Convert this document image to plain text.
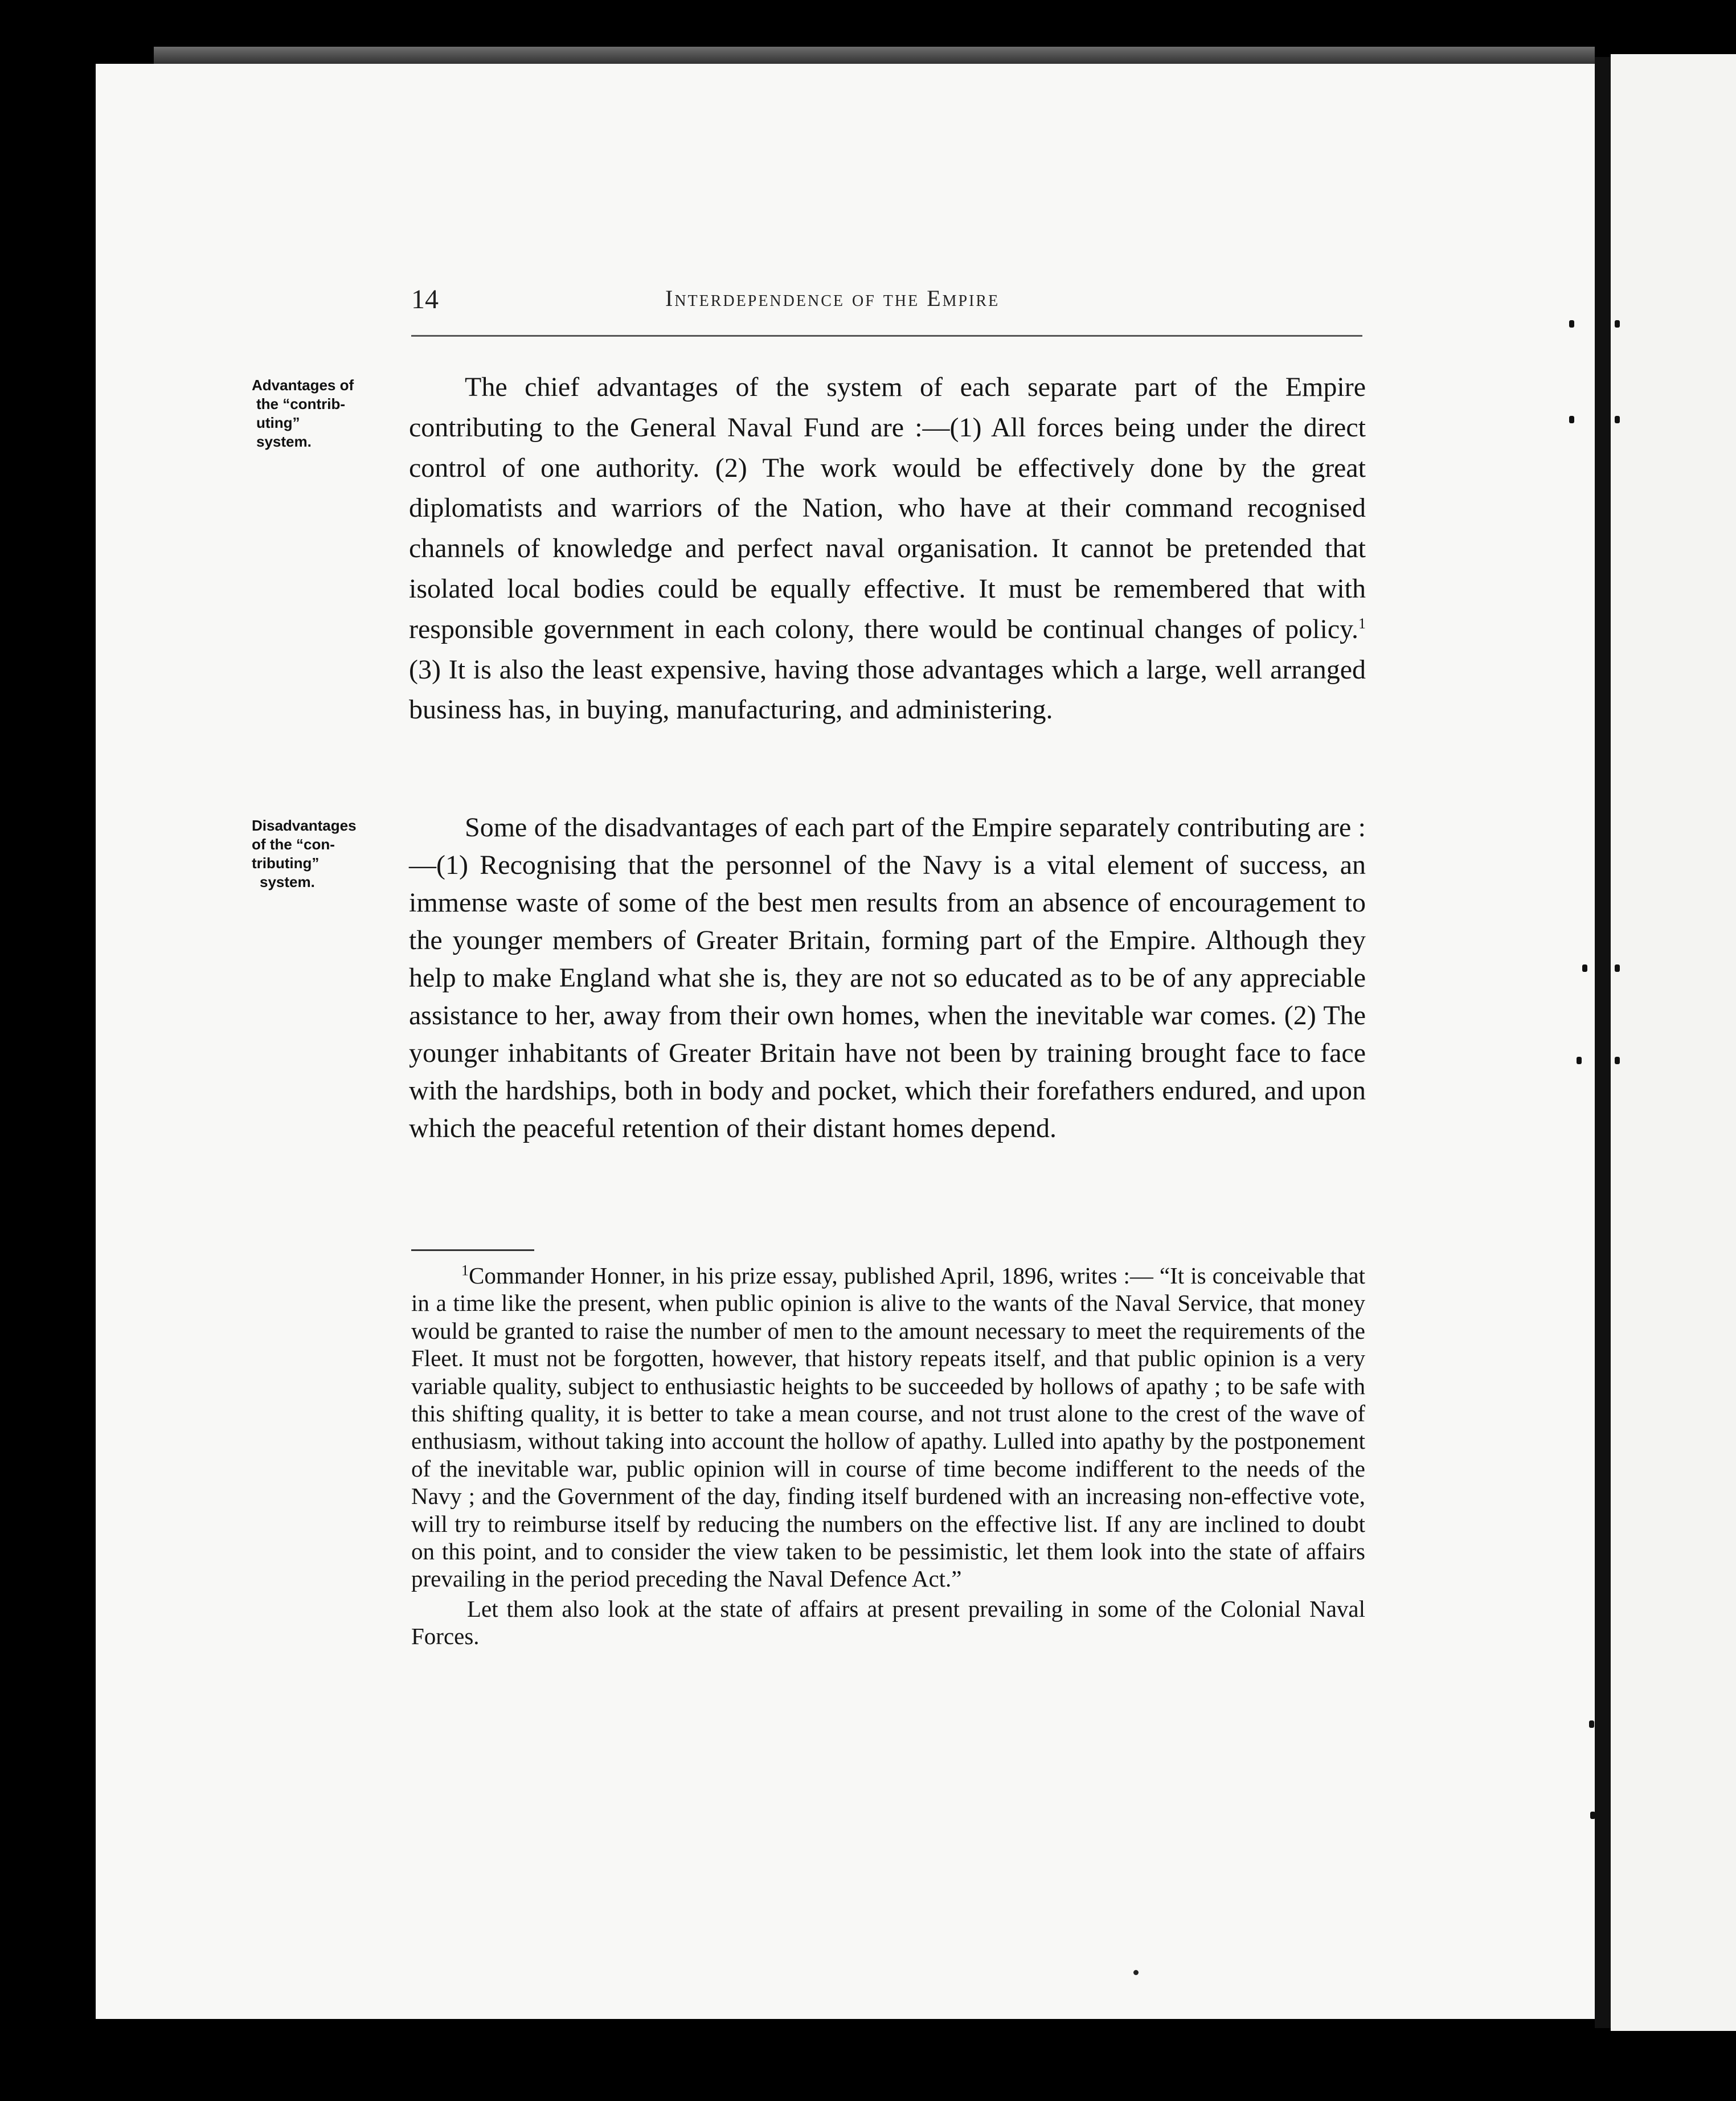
14	Interdependence of the Empire
Advantages of
the “contrib-
uting”
system.
The chief advantages of the system of each separate part of the Empire contributing to the General Naval Fund are :—(1) All forces being under the direct control of one authority. (2) The work would be effectively done by the great diplomatists and warriors of the Nation, who have at their command recognised channels of knowledge and perfect naval organisation. It cannot be pretended that isolated local bodies could be equally effective. It must be remembered that with responsible government in each colony, there would be continual changes of policy.$^1$ (3) It is also the least expensive, having those advantages which a large, well arranged business has, in buying, manufacturing, and administering.
Disadvantages
of the “con-
tributing”
system.
Some of the disadvantages of each part of the Empire separately contributing are :—(1) Recognising that the personnel of the Navy is a vital element of success, an immense waste of some of the best men results from an absence of encouragement to the younger members of Greater Britain, forming part of the Empire. Although they help to make England what she is, they are not so educated as to be of any appreciable assistance to her, away from their own homes, when the inevitable war comes. (2) The younger inhabitants of Greater Britain have not been by training brought face to face with the hardships, both in body and pocket, which their forefathers endured, and upon which the peaceful retention of their distant homes depend.
$^1$Commander Honner, in his prize essay, published April, 1896, writes :— “It is conceivable that in a time like the present, when public opinion is alive to the wants of the Naval Service, that money would be granted to raise the number of men to the amount necessary to meet the requirements of the Fleet. It must not be forgotten, however, that history repeats itself, and that public opinion is a very variable quality, subject to enthusiastic heights to be succeeded by hollows of apathy ; to be safe with this shifting quality, it is better to take a mean course, and not trust alone to the crest of the wave of enthusiasm, without taking into account the hollow of apathy. Lulled into apathy by the postponement of the inevitable war, public opinion will in course of time become indifferent to the needs of the Navy ; and the Government of the day, finding itself burdened with an increasing non-effective vote, will try to reimburse itself by reducing the numbers on the effective list. If any are inclined to doubt on this point, and to consider the view taken to be pessimistic, let them look into the state of affairs prevailing in the period preceding the Naval Defence Act.”
Let them also look at the state of affairs at present prevailing in some of the Colonial Naval Forces.
